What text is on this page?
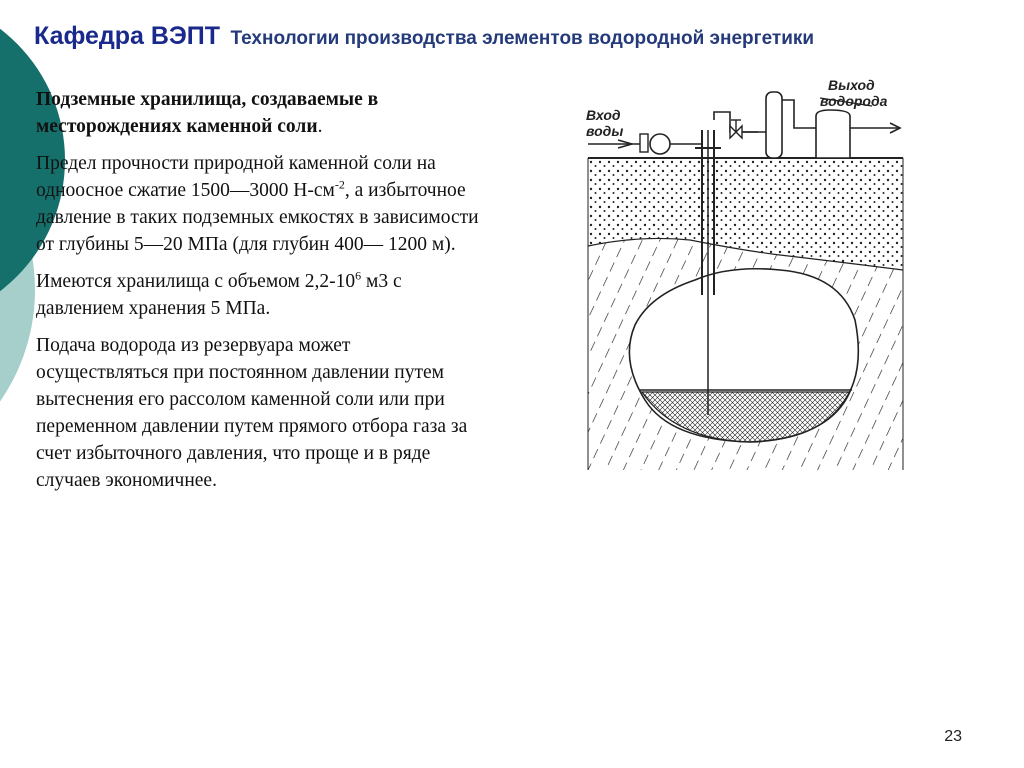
Кафедра ВЭПТ Технологии производства элементов водородной энергетики

Подземные хранилища, создаваемые в месторождениях каменной соли.

Предел прочности природной каменной соли на одноосное сжатие 1500—3000 $Н-см^{-2}$, а избыточное давление в таких подземных емкостях в зависимости от глубины 5—20 МПа (для глубин 400— 1200 м).

Имеются хранилища с объемом $2,2-10^6$ м3 с давлением хранения 5 МПа.

Подача водорода из резервуара может осуществляться при постоянном давлении путем вытеснения его рассолом каменной соли или при переменном давлении путем прямого отбора газа за счет избыточного давления, что проще и в ряде случаев экономичнее.

Вход
воды
Выход
водорода
23
